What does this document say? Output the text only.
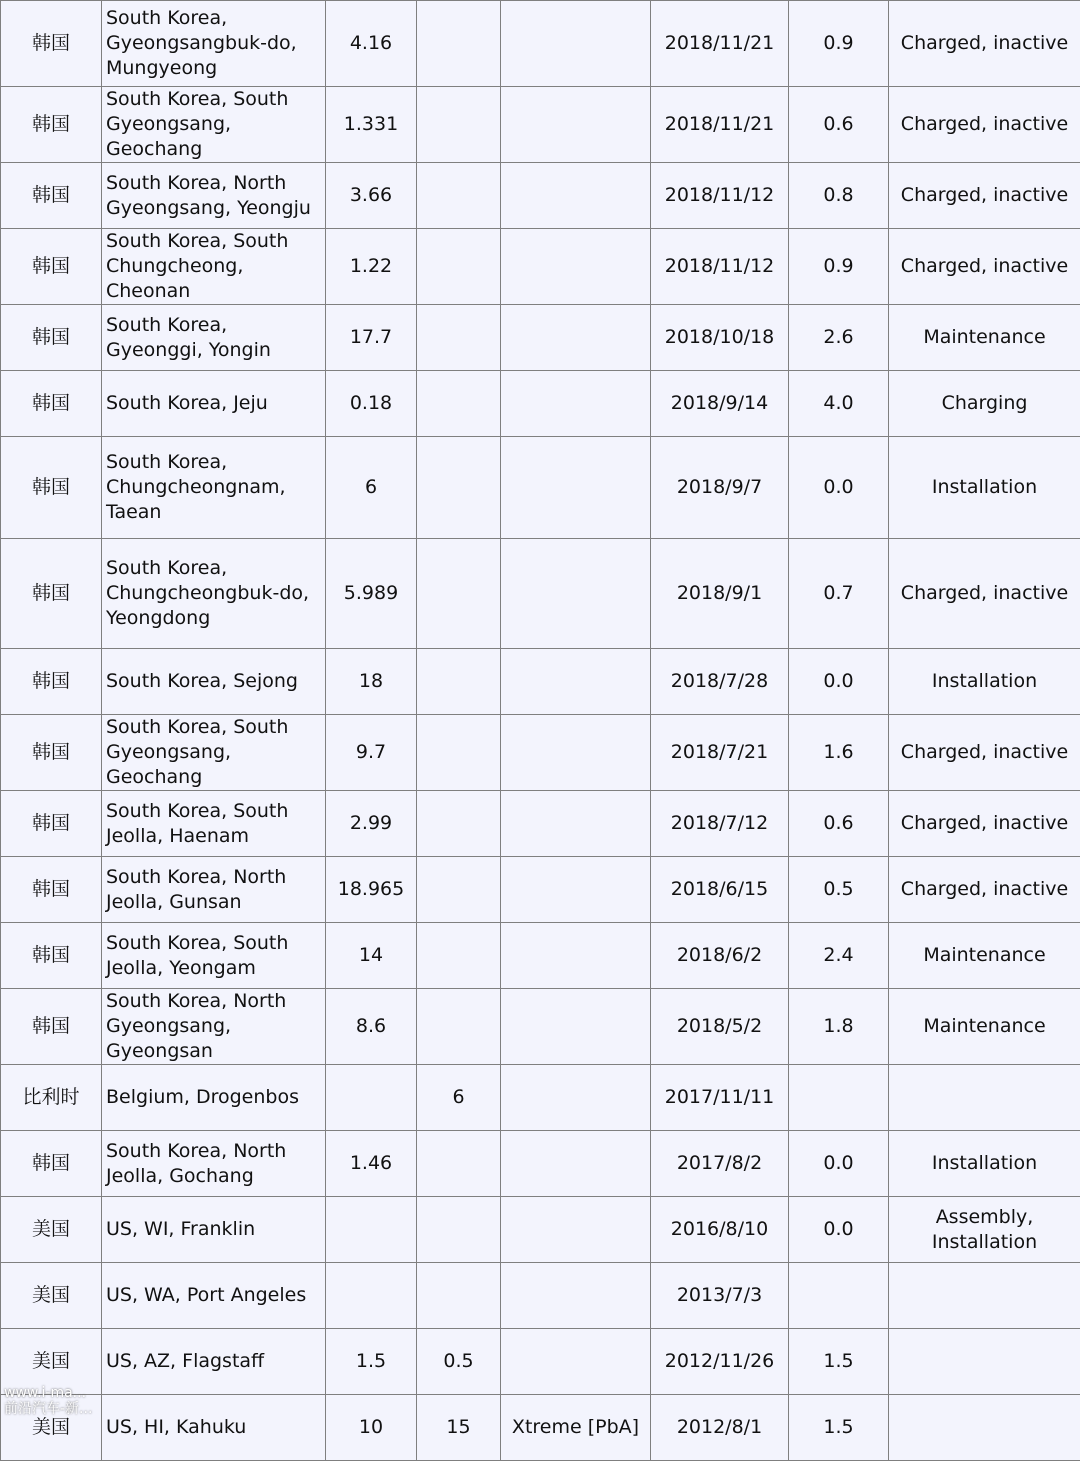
韩国	South Korea, Gyeongsangbuk-do, Mungyeong	4.16			2018/11/21	0.9	Charged, inactive
韩国	South Korea, South Gyeongsang, Geochang	1.331			2018/11/21	0.6	Charged, inactive
韩国	South Korea, North Gyeongsang, Yeongju	3.66			2018/11/12	0.8	Charged, inactive
韩国	South Korea, South Chungcheong, Cheonan	1.22			2018/11/12	0.9	Charged, inactive
韩国	South Korea, Gyeonggi, Yongin	17.7			2018/10/18	2.6	Maintenance
韩国	South Korea, Jeju	0.18			2018/9/14	4.0	Charging
韩国	South Korea, Chungcheongnam, Taean	6			2018/9/7	0.0	Installation
韩国	South Korea, Chungcheongbuk-do, Yeongdong	5.989			2018/9/1	0.7	Charged, inactive
韩国	South Korea, Sejong	18			2018/7/28	0.0	Installation
韩国	South Korea, South Gyeongsang, Geochang	9.7			2018/7/21	1.6	Charged, inactive
韩国	South Korea, South Jeolla, Haenam	2.99			2018/7/12	0.6	Charged, inactive
韩国	South Korea, North Jeolla, Gunsan	18.965			2018/6/15	0.5	Charged, inactive
韩国	South Korea, South Jeolla, Yeongam	14			2018/6/2	2.4	Maintenance
韩国	South Korea, North Gyeongsang, Gyeongsan	8.6			2018/5/2	1.8	Maintenance
比利时	Belgium, Drogenbos		6		2017/11/11		
韩国	South Korea, North Jeolla, Gochang	1.46			2017/8/2	0.0	Installation
美国	US, WI, Franklin				2016/8/10	0.0	Assembly, Installation
美国	US, WA, Port Angeles				2013/7/3		
美国	US, AZ, Flagstaff	1.5	0.5		2012/11/26	1.5	
美国	US, HI, Kahuku	10	15	Xtreme [PbA]	2012/8/1	1.5	
www.i-ma...
前沿汽车-新...
